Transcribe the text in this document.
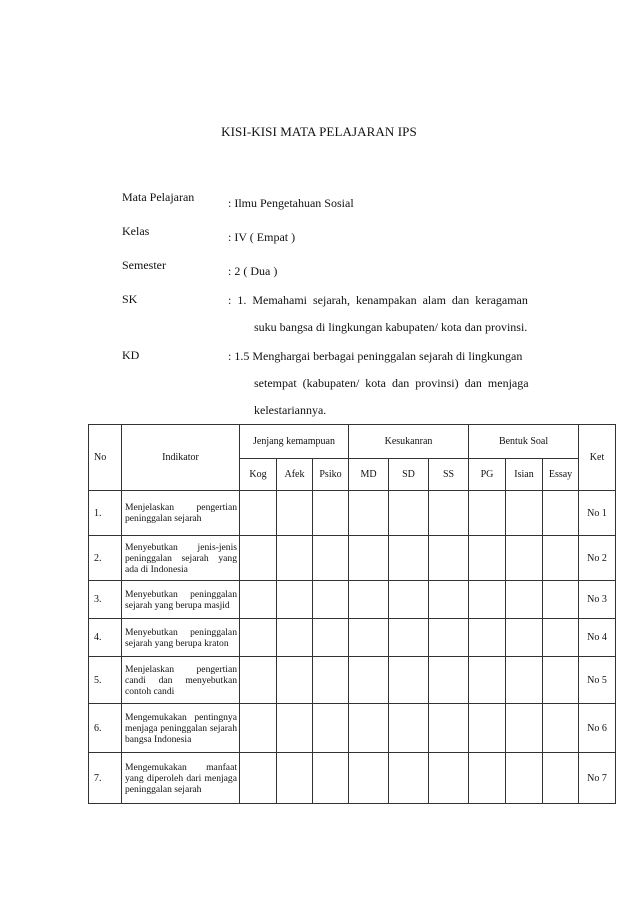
KISI-KISI MATA PELAJARAN IPS
Mata Pelajaran	: Ilmu Pengetahuan Sosial
Kelas	: IV ( Empat )
Semester	: 2 ( Dua )
SK	:  1.  Memahami  sejarah,  kenampakan  alam  dan  keragaman
suku bangsa di lingkungan kabupaten/ kota dan provinsi.
KD	: 1.5 Menghargai berbagai peninggalan sejarah di lingkungan
setempat  (kabupaten/  kota  dan  provinsi)  dan  menjaga
kelestariannya.
No	Indikator	Jenjang kemampuan			Kesukanran			Bentuk Soal			Ket
		Kog	Afek	Psiko	MD	SD	SS	PG	Isian	Essay	
1.	Menjelaskan pengertian peninggalan sejarah										No 1
2.	Menyebutkan jenis-jenis peninggalan sejarah yang ada di Indonesia										No 2
3.	Menyebutkan peninggalan sejarah yang berupa masjid										No 3
4.	Menyebutkan peninggalan sejarah yang berupa kraton										No 4
5.	Menjelaskan pengertian candi dan menyebutkan contoh candi										No 5
6.	Mengemukakan pentingnya menjaga peninggalan sejarah bangsa Indonesia										No 6
7.	Mengemukakan manfaat yang diperoleh dari menjaga peninggalan sejarah										No 7
